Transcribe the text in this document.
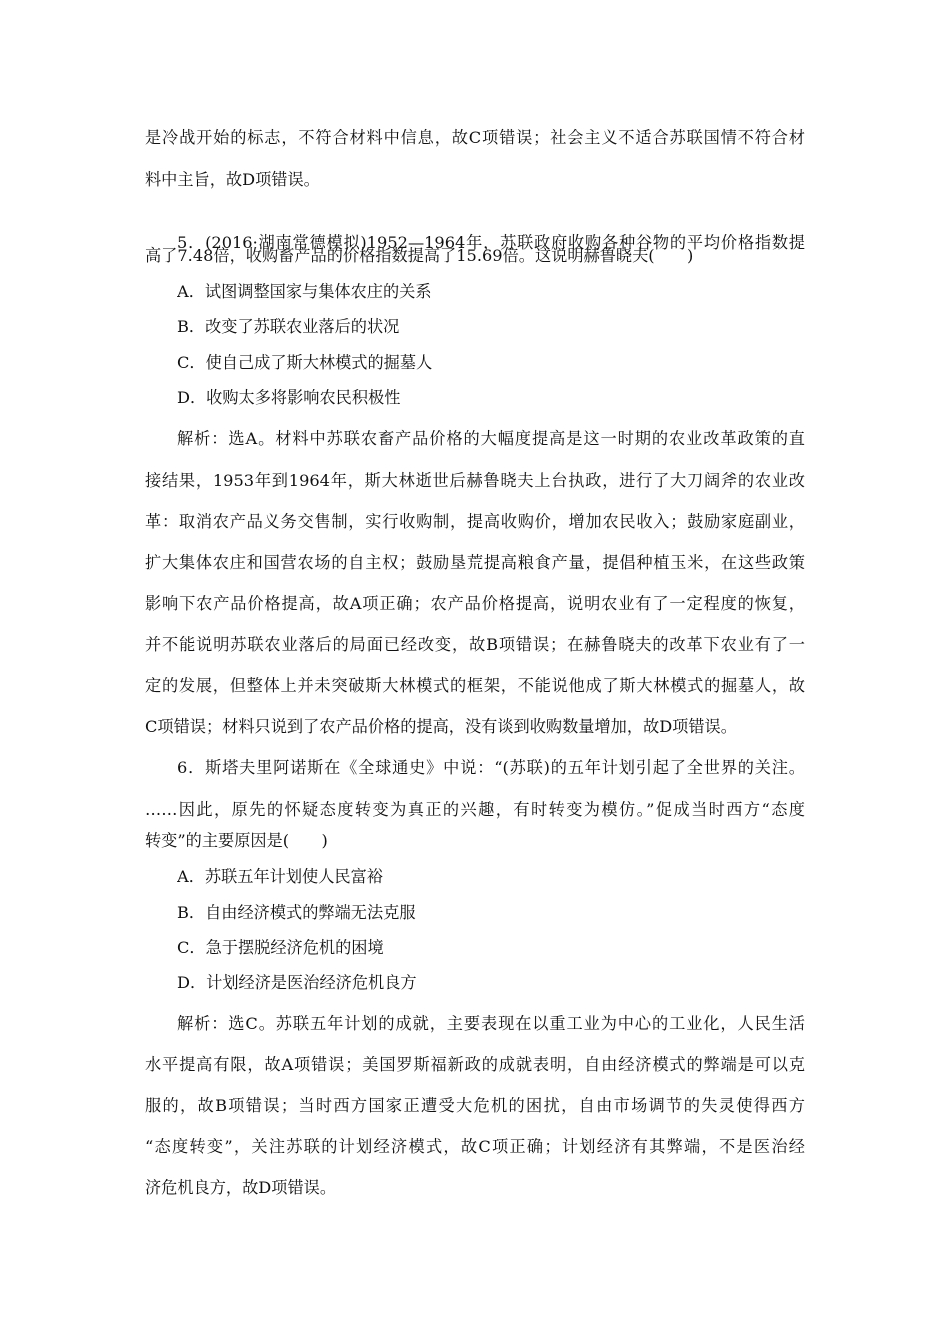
是冷战开始的标志，不符合材料中信息，故C项错误；社会主义不适合苏联国情不符合材
料中主旨，故D项错误。
5．(2016·湖南常德模拟)1952—1964年，苏联政府收购各种谷物的平均价格指数提
高了7.48倍，收购畜产品的价格指数提高了15.69倍。这说明赫鲁晓夫(　　)
A．试图调整国家与集体农庄的关系
B．改变了苏联农业落后的状况
C．使自己成了斯大林模式的掘墓人
D．收购太多将影响农民积极性
解析：选A。材料中苏联农畜产品价格的大幅度提高是这一时期的农业改革政策的直
接结果，1953年到1964年，斯大林逝世后赫鲁晓夫上台执政，进行了大刀阔斧的农业改
革：取消农产品义务交售制，实行收购制，提高收购价，增加农民收入；鼓励家庭副业，
扩大集体农庄和国营农场的自主权；鼓励垦荒提高粮食产量，提倡种植玉米，在这些政策
影响下农产品价格提高，故A项正确；农产品价格提高，说明农业有了一定程度的恢复，
并不能说明苏联农业落后的局面已经改变，故B项错误；在赫鲁晓夫的改革下农业有了一
定的发展，但整体上并未突破斯大林模式的框架，不能说他成了斯大林模式的掘墓人，故
C项错误；材料只说到了农产品价格的提高，没有谈到收购数量增加，故D项错误。
6．斯塔夫里阿诺斯在《全球通史》中说：“(苏联)的五年计划引起了全世界的关注。
……因此，原先的怀疑态度转变为真正的兴趣，有时转变为模仿。”促成当时西方“态度
转变”的主要原因是(　　)
A．苏联五年计划使人民富裕
B．自由经济模式的弊端无法克服
C．急于摆脱经济危机的困境
D．计划经济是医治经济危机良方
解析：选C。苏联五年计划的成就，主要表现在以重工业为中心的工业化，人民生活
水平提高有限，故A项错误；美国罗斯福新政的成就表明，自由经济模式的弊端是可以克
服的，故B项错误；当时西方国家正遭受大危机的困扰，自由市场调节的失灵使得西方
“态度转变”，关注苏联的计划经济模式，故C项正确；计划经济有其弊端，不是医治经
济危机良方，故D项错误。
